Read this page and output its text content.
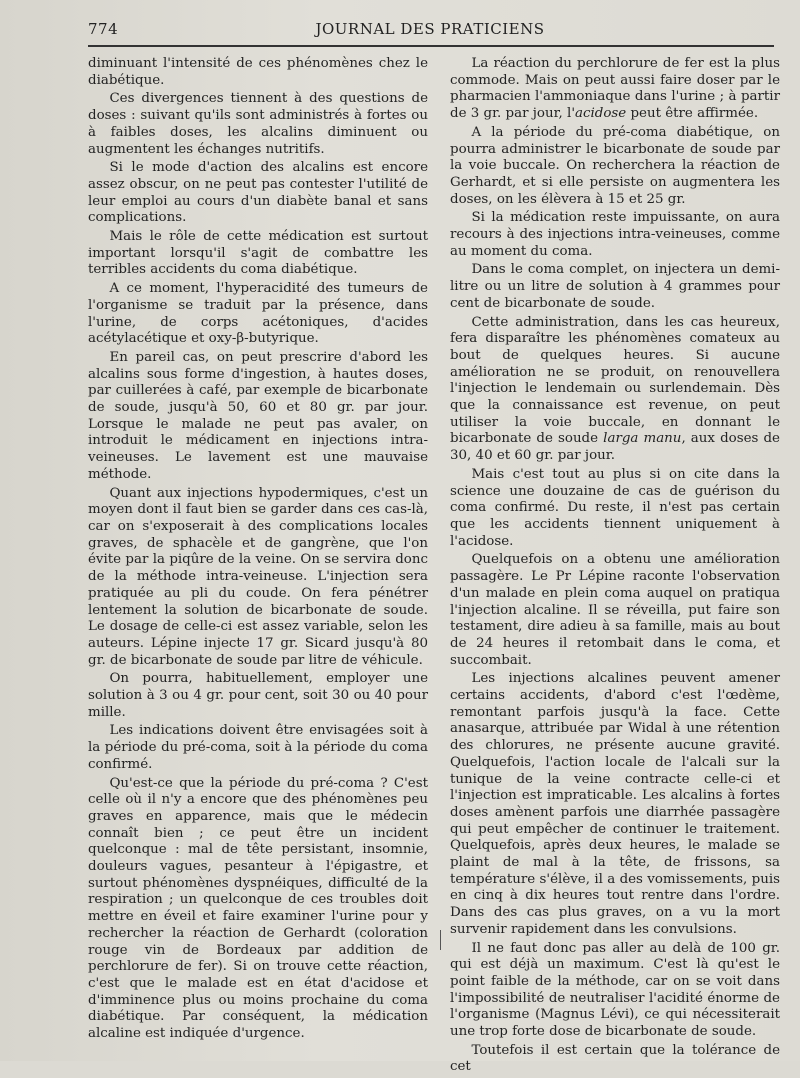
774	JOURNAL DES PRATICIENS

diminuant l'intensité de ces phénomènes chez le diabétique.

Ces divergences tiennent à des questions de doses : suivant qu'ils sont administrés à fortes ou à faibles doses, les alcalins diminuent ou augmentent les échanges nutritifs.

Si le mode d'action des alcalins est encore assez obscur, on ne peut pas contester l'utilité de leur emploi au cours d'un diabète banal et sans complications.

Mais le rôle de cette médication est surtout important lorsqu'il s'agit de combattre les terribles accidents du coma diabétique.

A ce moment, l'hyperacidité des tumeurs de l'organisme se traduit par la présence, dans l'urine, de corps acétoniques, d'acides acétylacétique et oxy-β-butyrique.

En pareil cas, on peut prescrire d'abord les alcalins sous forme d'ingestion, à hautes doses, par cuillerées à café, par exemple de bicarbonate de soude, jusqu'à 50, 60 et 80 gr. par jour. Lorsque le malade ne peut pas avaler, on introduit le médicament en injections intra-veineuses. Le lavement est une mauvaise méthode.

Quant aux injections hypodermiques, c'est un moyen dont il faut bien se garder dans ces cas-là, car on s'exposerait à des complications locales graves, de sphacèle et de gangrène, que l'on évite par la piqûre de la veine. On se servira donc de la méthode intra-veineuse. L'injection sera pratiquée au pli du coude. On fera pénétrer lentement la solution de bicarbonate de soude. Le dosage de celle-ci est assez variable, selon les auteurs. Lépine injecte 17 gr. Sicard jusqu'à 80 gr. de bicarbonate de soude par litre de véhicule.

On pourra, habituellement, employer une solution à 3 ou 4 gr. pour cent, soit 30 ou 40 pour mille.

Les indications doivent être envisagées soit à la période du pré-coma, soit à la période du coma confirmé.

Qu'est-ce que la période du pré-coma ? C'est celle où il n'y a encore que des phénomènes peu graves en apparence, mais que le médecin connaît bien ; ce peut être un incident quelconque : mal de tête persistant, insomnie, douleurs vagues, pesanteur à l'épigastre, et surtout phénomènes dyspnéiques, difficulté de la respiration ; un quelconque de ces troubles doit mettre en éveil et faire examiner l'urine pour y rechercher la réaction de Gerhardt (coloration rouge vin de Bordeaux par addition de perchlorure de fer). Si on trouve cette réaction, c'est que le malade est en état d'acidose et d'imminence plus ou moins prochaine du coma diabétique. Par conséquent, la médication alcaline est indiquée d'urgence.

La réaction du perchlorure de fer est la plus commode. Mais on peut aussi faire doser par le pharmacien l'ammoniaque dans l'urine ; à partir de 3 gr. par jour, l'acidose peut être affirmée.

A la période du pré-coma diabétique, on pourra administrer le bicarbonate de soude par la voie buccale. On recherchera la réaction de Gerhardt, et si elle persiste on augmentera les doses, on les élèvera à 15 et 25 gr.

Si la médication reste impuissante, on aura recours à des injections intra-veineuses, comme au moment du coma.

Dans le coma complet, on injectera un demi-litre ou un litre de solution à 4 grammes pour cent de bicarbonate de soude.

Cette administration, dans les cas heureux, fera disparaître les phénomènes comateux au bout de quelques heures. Si aucune amélioration ne se produit, on renouvellera l'injection le lendemain ou surlendemain. Dès que la connaissance est revenue, on peut utiliser la voie buccale, en donnant le bicarbonate de soude larga manu, aux doses de 30, 40 et 60 gr. par jour.

Mais c'est tout au plus si on cite dans la science une douzaine de cas de guérison du coma confirmé. Du reste, il n'est pas certain que les accidents tiennent uniquement à l'acidose.

Quelquefois on a obtenu une amélioration passagère. Le Pr Lépine raconte l'observation d'un malade en plein coma auquel on pratiqua l'injection alcaline. Il se réveilla, put faire son testament, dire adieu à sa famille, mais au bout de 24 heures il retombait dans le coma, et succombait.

Les injections alcalines peuvent amener certains accidents, d'abord c'est l'œdème, remontant parfois jusqu'à la face. Cette anasarque, attribuée par Widal à une rétention des chlorures, ne présente aucune gravité. Quelquefois, l'action locale de l'alcali sur la tunique de la veine contracte celle-ci et l'injection est impraticable. Les alcalins à fortes doses amènent parfois une diarrhée passagère qui peut empêcher de continuer le traitement. Quelquefois, après deux heures, le malade se plaint de mal à la tête, de frissons, sa température s'élève, il a des vomissements, puis en cinq à dix heures tout rentre dans l'ordre. Dans des cas plus graves, on a vu la mort survenir rapidement dans les convulsions.

Il ne faut donc pas aller au delà de 100 gr. qui est déjà un maximum. C'est là qu'est le point faible de la méthode, car on se voit dans l'impossibilité de neutraliser l'acidité énorme de l'organisme (Magnus Lévi), ce qui nécessiterait une trop forte dose de bicarbonate de soude.

Toutefois il est certain que la tolérance de cet
